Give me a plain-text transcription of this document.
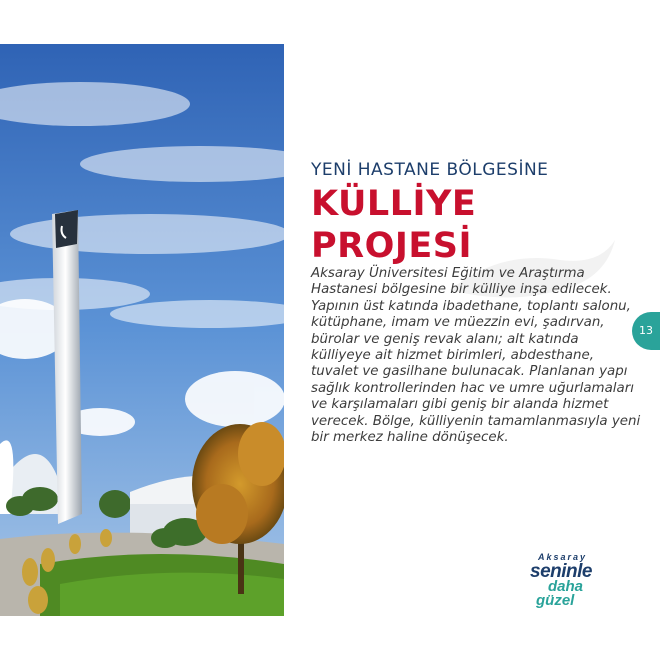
YENİ HASTANE BÖLGESİNE
KÜLLİYE
PROJESİ

Aksaray Üniversitesi Eğitim ve Araştırma Hastanesi bölgesine bir külliye inşa edilecek. Yapının üst katında ibadethane, toplantı salonu, kütüphane, imam ve müezzin evi, şadırvan, bürolar ve geniş revak alanı; alt katında külliyeye ait hizmet birimleri, abdesthane, tuvalet ve gasilhane bulunacak. Planlanan yapı sağlık kontrollerinden hac ve umre uğurlamaları ve karşılamaları gibi geniş bir alanda hizmet verecek. Bölge, külliyenin tamamlanmasıyla yeni bir merkez haline dönüşecek.

13
Aksaray
seninle
daha
güzel
